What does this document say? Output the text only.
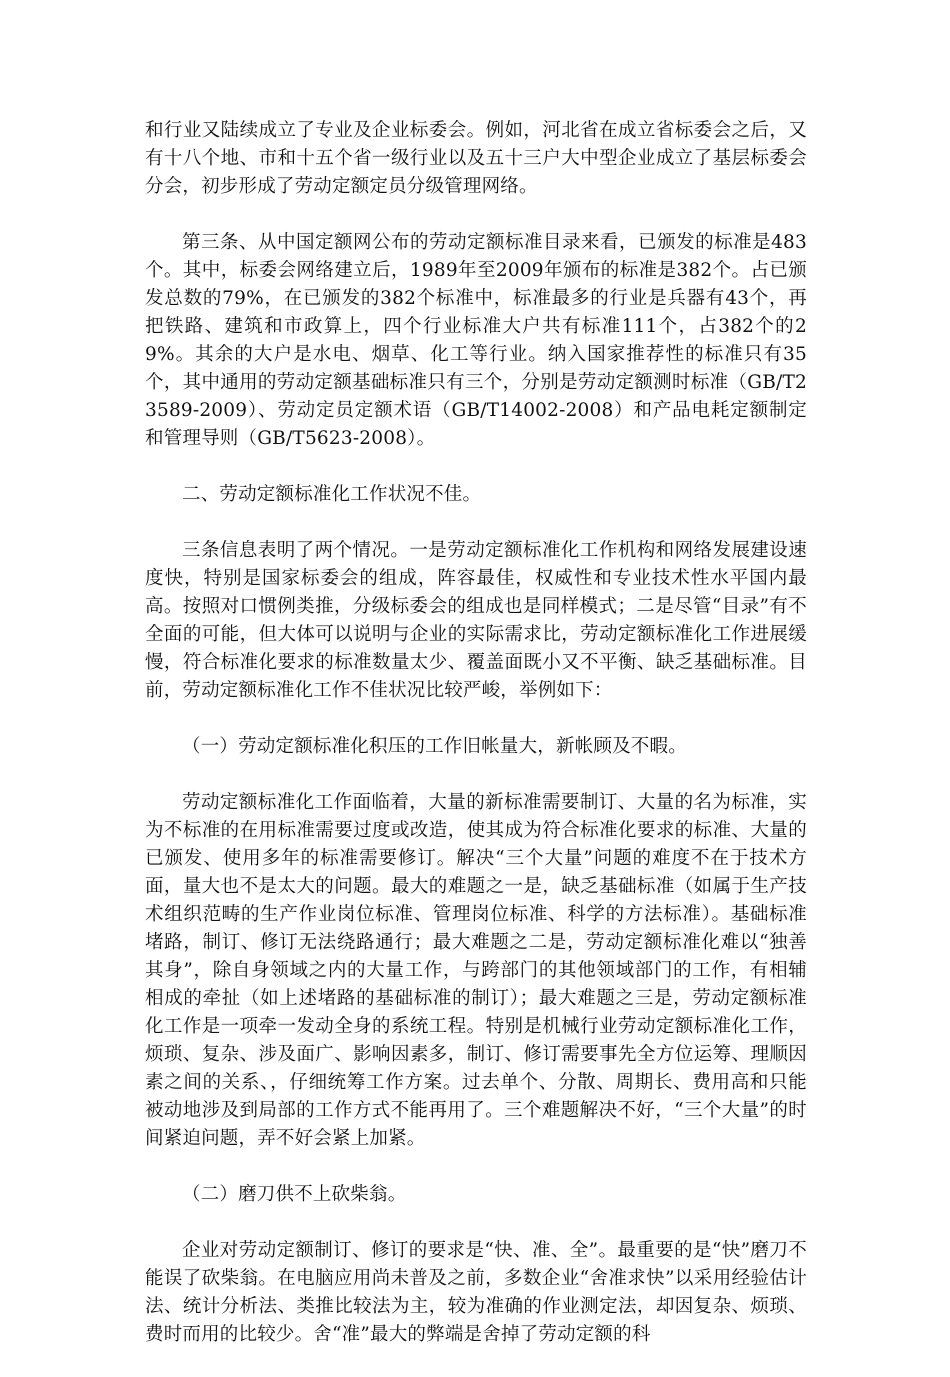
和行业又陆续成立了专业及企业标委会。例如，河北省在成立省标委会之后，又有十八个地、市和十五个省一级行业以及五十三户大中型企业成立了基层标委会分会，初步形成了劳动定额定员分级管理网络。

第三条、从中国定额网公布的劳动定额标准目录来看，已颁发的标准是483个。其中，标委会网络建立后，1989年至2009年颁布的标准是382个。占已颁发总数的79%，在已颁发的382个标准中，标准最多的行业是兵器有43个，再把铁路、建筑和市政算上，四个行业标准大户共有标准111个，占382个的29%。其余的大户是水电、烟草、化工等行业。纳入国家推荐性的标准只有35个，其中通用的劳动定额基础标准只有三个，分别是劳动定额测时标准（GB/T23589-2009）、劳动定员定额术语（GB/T14002-2008）和产品电耗定额制定和管理导则（GB/T5623-2008）。

二、劳动定额标准化工作状况不佳。

三条信息表明了两个情况。一是劳动定额标准化工作机构和网络发展建设速度快，特别是国家标委会的组成，阵容最佳，权威性和专业技术性水平国内最高。按照对口惯例类推，分级标委会的组成也是同样模式；二是尽管“目录”有不全面的可能，但大体可以说明与企业的实际需求比，劳动定额标准化工作进展缓慢，符合标准化要求的标准数量太少、覆盖面既小又不平衡、缺乏基础标准。目前，劳动定额标准化工作不佳状况比较严峻，举例如下：

（一）劳动定额标准化积压的工作旧帐量大，新帐顾及不暇。

劳动定额标准化工作面临着，大量的新标准需要制订、大量的名为标准，实为不标准的在用标准需要过度或改造，使其成为符合标准化要求的标准、大量的已颁发、使用多年的标准需要修订。解决“三个大量”问题的难度不在于技术方面，量大也不是太大的问题。最大的难题之一是，缺乏基础标准（如属于生产技术组织范畴的生产作业岗位标准、管理岗位标准、科学的方法标准）。基础标准堵路，制订、修订无法绕路通行；最大难题之二是，劳动定额标准化难以“独善其身”，除自身领域之内的大量工作，与跨部门的其他领域部门的工作，有相辅相成的牵扯（如上述堵路的基础标准的制订）；最大难题之三是，劳动定额标准化工作是一项牵一发动全身的系统工程。特别是机械行业劳动定额标准化工作，烦琐、复杂、涉及面广、影响因素多，制订、修订需要事先全方位运筹、理顺因素之间的关系、，仔细统筹工作方案。过去单个、分散、周期长、费用高和只能被动地涉及到局部的工作方式不能再用了。三个难题解决不好，“三个大量”的时间紧迫问题，弄不好会紧上加紧。

（二）磨刀供不上砍柴翁。

企业对劳动定额制订、修订的要求是“快、准、全”。最重要的是“快”磨刀不能误了砍柴翁。在电脑应用尚未普及之前，多数企业“舍准求快”以采用经验估计法、统计分析法、类推比较法为主，较为准确的作业测定法，却因复杂、烦琐、费时而用的比较少。舍“准”最大的弊端是舍掉了劳动定额的科
